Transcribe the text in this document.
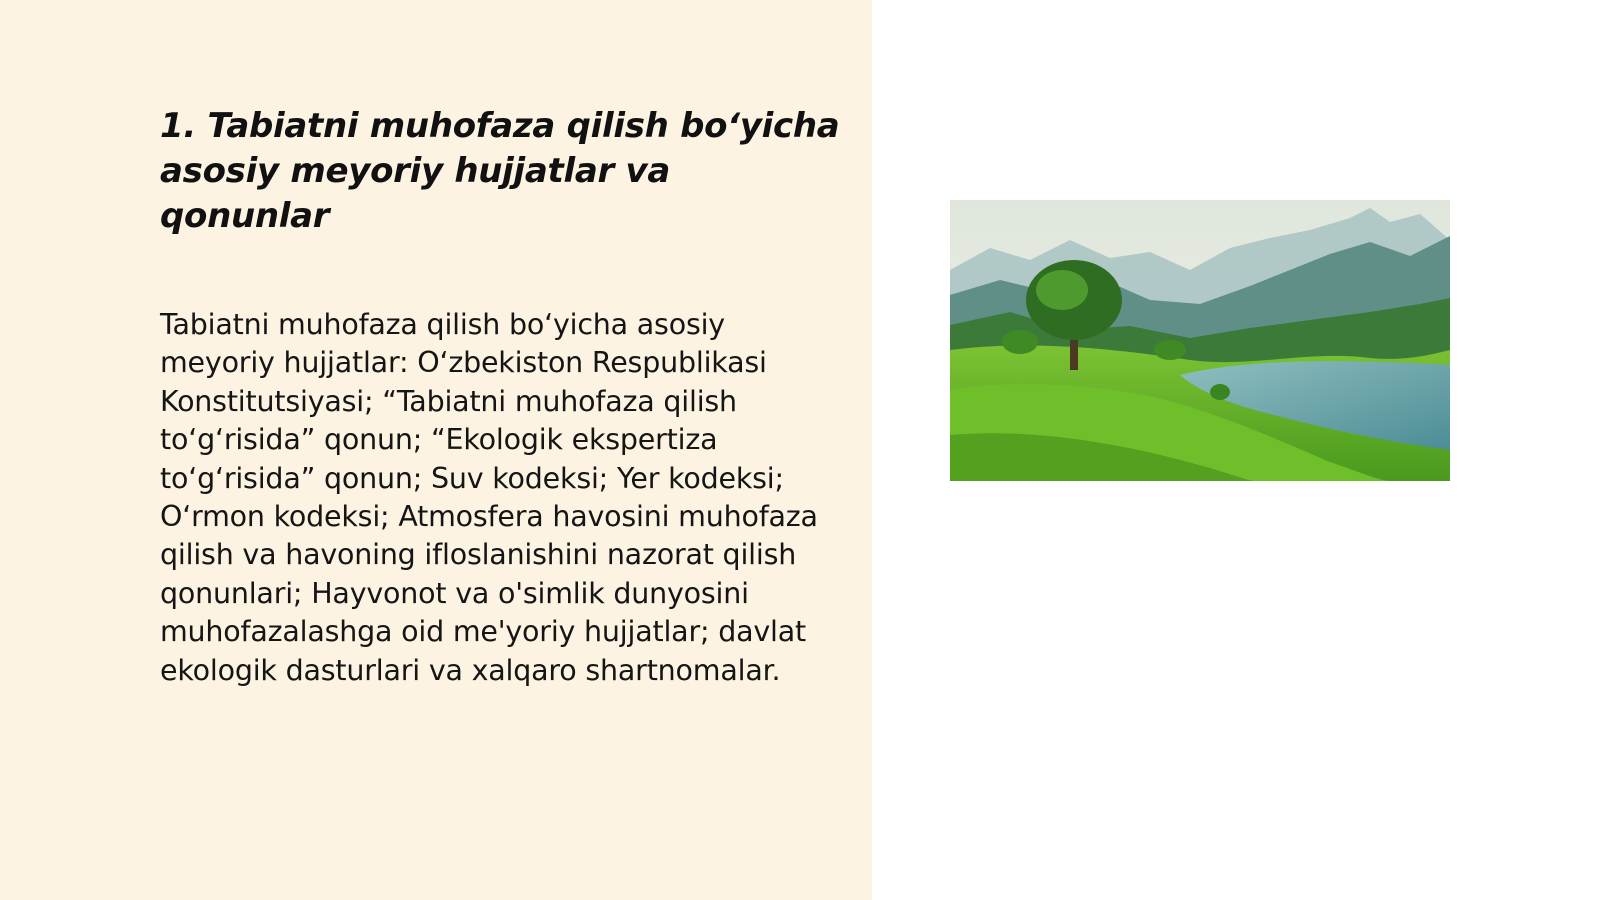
1. Tabiatni muhofaza qilish bo‘yicha asosiy meyoriy hujjatlar va qonunlar

Tabiatni muhofaza qilish bo‘yicha asosiy meyoriy hujjatlar: O‘zbekiston Respublikasi Konstitutsiyasi; “Tabiatni muhofaza qilish to‘g‘risida” qonun; “Ekologik ekspertiza to‘g‘risida” qonun; Suv kodeksi; Yer kodeksi; O‘rmon kodeksi; Atmosfera havosini muhofaza qilish va havoning ifloslanishini nazorat qilish qonunlari; Hayvonot va o'simlik dunyosini muhofazalashga oid me'yoriy hujjatlar; davlat ekologik dasturlari va xalqaro shartnomalar.
